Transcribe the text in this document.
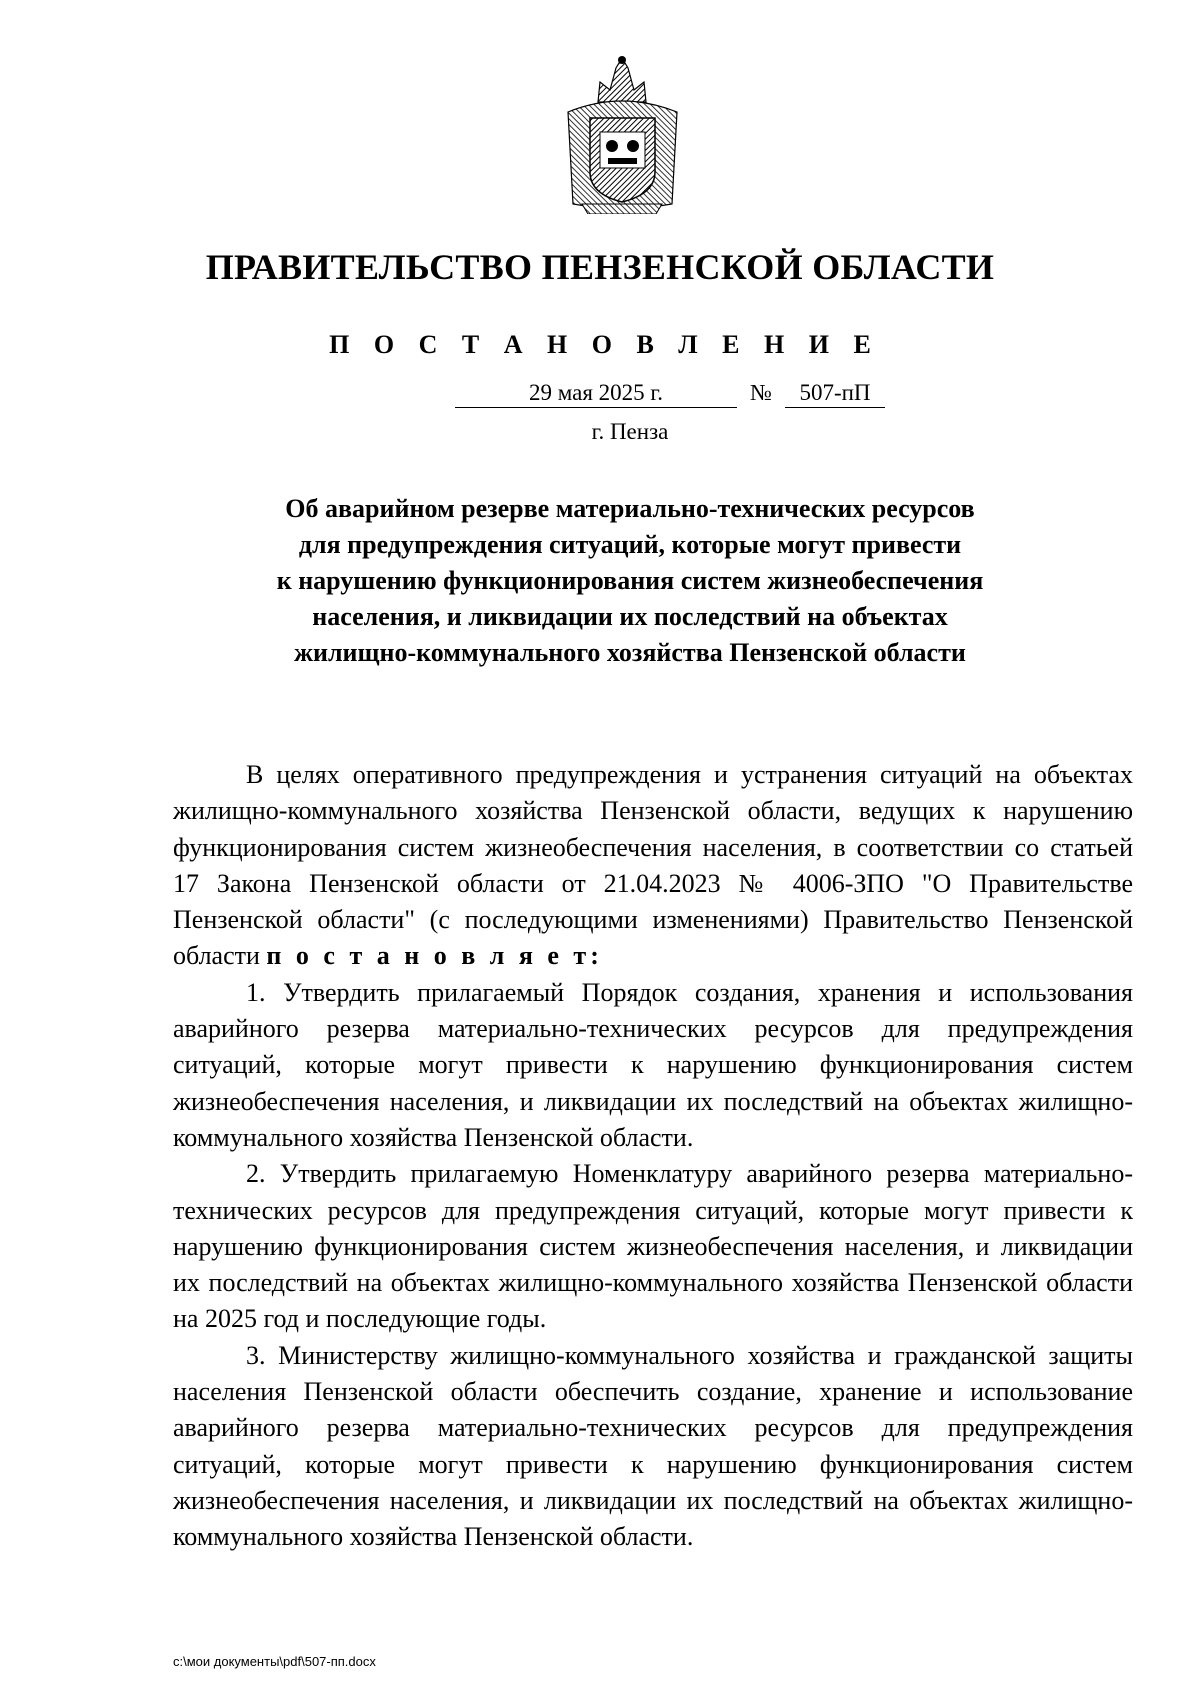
ПРАВИТЕЛЬСТВО ПЕНЗЕНСКОЙ ОБЛАСТИ
П О С Т А Н О В Л Е Н И Е
29 мая 2025 г.	№	507-пП
г. Пенза
Об аварийном резерве материально-технических ресурсов
для предупреждения ситуаций, которые могут привести
к нарушению функционирования систем жизнеобеспечения
населения, и ликвидации их последствий на объектах
жилищно-коммунального хозяйства Пензенской области

В целях оперативного предупреждения и устранения ситуаций на объектах жилищно-коммунального хозяйства Пензенской области, ведущих к нарушению функционирования систем жизнеобеспечения населения, в соответствии со статьей 17 Закона Пензенской области от 21.04.2023 № 4006-ЗПО "О Правительстве Пензенской области" (с последующими изменениями) Правительство Пензенской области п о с т а н о в л я е т:

1. Утвердить прилагаемый Порядок создания, хранения и использования аварийного резерва материально-технических ресурсов для предупреждения ситуаций, которые могут привести к нарушению функционирования систем жизнеобеспечения населения, и ликвидации их последствий на объектах жилищно-коммунального хозяйства Пензенской области.

2. Утвердить прилагаемую Номенклатуру аварийного резерва материально-технических ресурсов для предупреждения ситуаций, которые могут привести к нарушению функционирования систем жизнеобеспечения населения, и ликвидации их последствий на объектах жилищно-коммунального хозяйства Пензенской области на 2025 год и последующие годы.

3. Министерству жилищно-коммунального хозяйства и гражданской защиты населения Пензенской области обеспечить создание, хранение и использование аварийного резерва материально-технических ресурсов для предупреждения ситуаций, которые могут привести к нарушению функционирования систем жизнеобеспечения населения, и ликвидации их последствий на объектах жилищно-коммунального хозяйства Пензенской области.

c:\мои документы\pdf\507-пп.docx
